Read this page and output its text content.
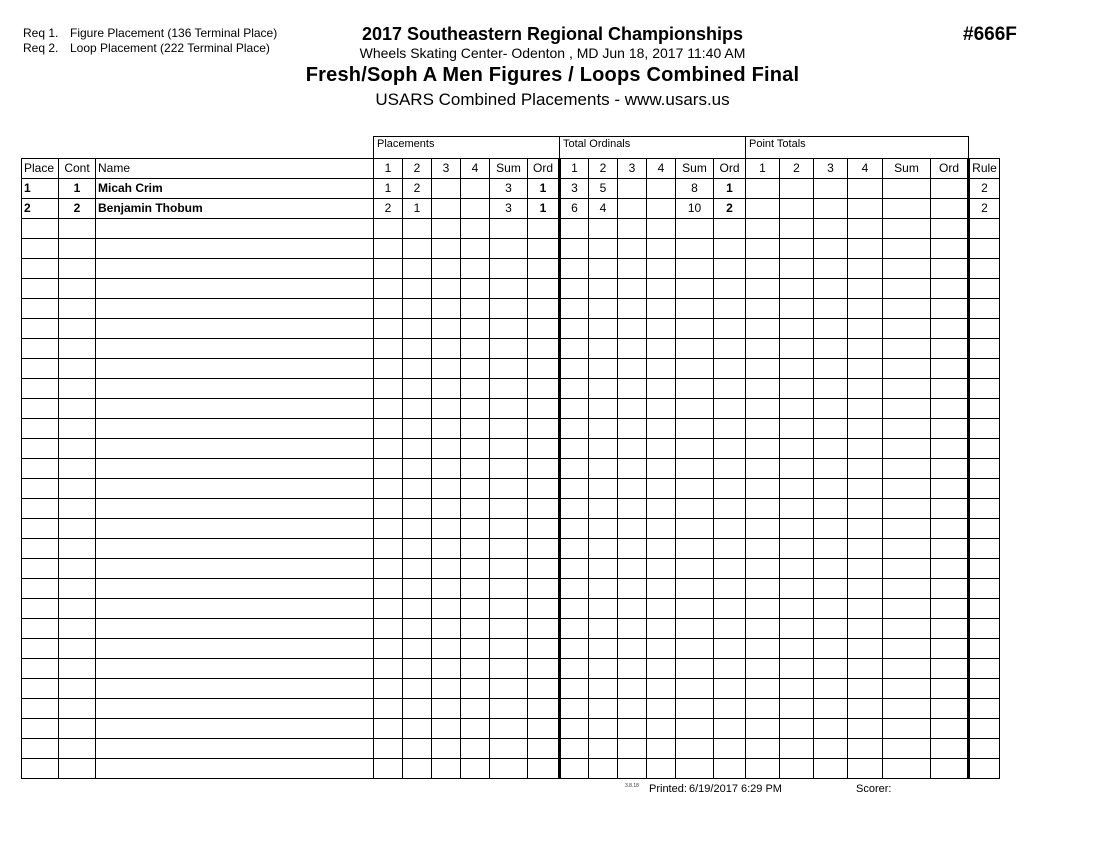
Req 1. Figure Placement (136 Terminal Place)
Req 2. Loop Placement (222 Terminal Place)
2017 Southeastern Regional Championships
Wheels Skating Center- Odenton , MD Jun 18, 2017 11:40 AM
Fresh/Soph A Men Figures / Loops Combined Final
USARS Combined Placements - www.usars.us
#666F
			Placements						Total Ordinals						Point Totals						
Place	Cont	Name	1	2	3	4	Sum	Ord	1	2	3	4	Sum	Ord	1	2	3	4	Sum	Ord	Rule
1	1	Micah Crim	1	2			3	1	3	5			8	1							2
2	2	Benjamin Thobum	2	1			3	1	6	4			10	2							2

3.8.18 Printed: 6/19/2017 6:29 PM	Scorer:
